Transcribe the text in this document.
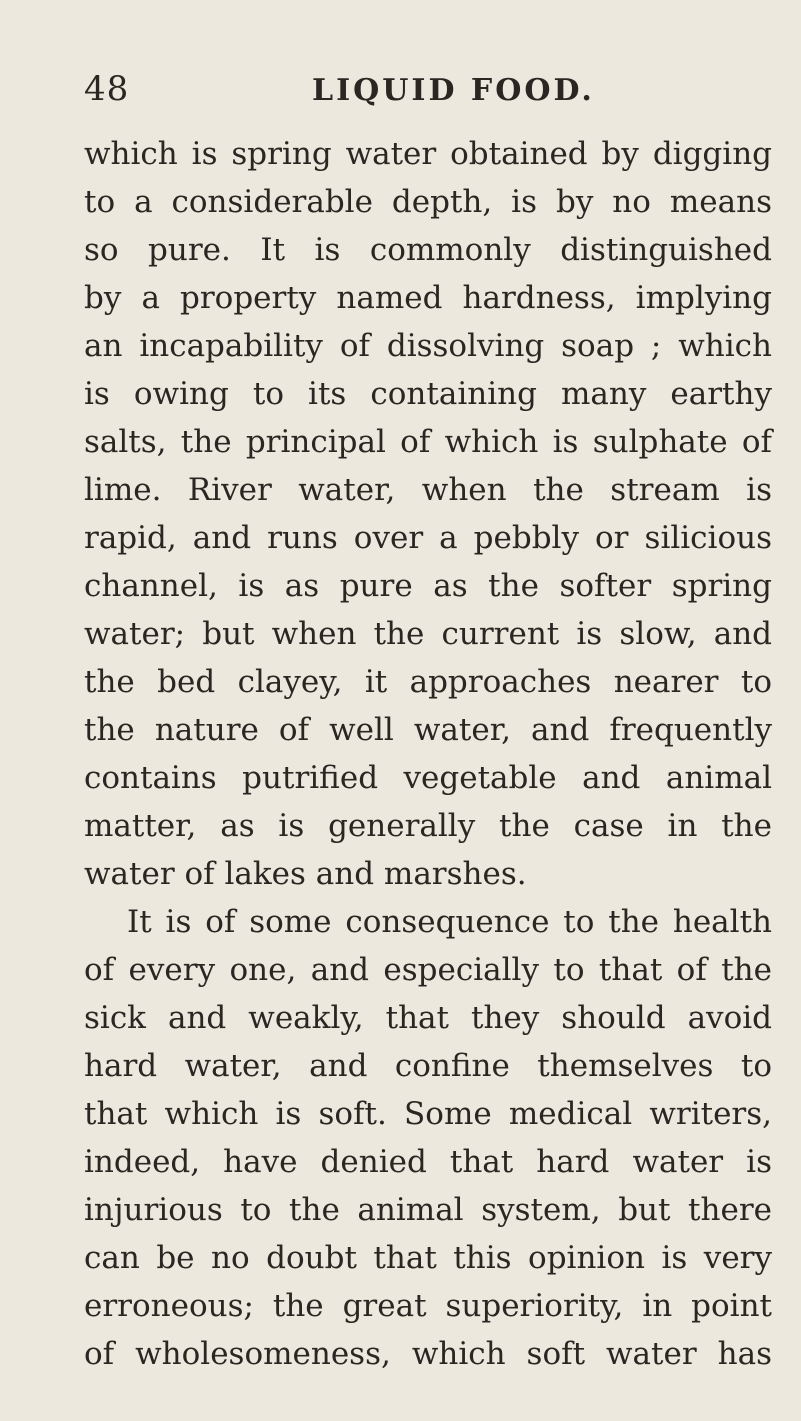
48	LIQUID FOOD.
which is spring water obtained by digging
to a considerable depth, is by no means
so pure. It is commonly distinguished
by a property named hardness, implying
an incapability of dissolving soap ; which
is owing to its containing many earthy
salts, the principal of which is sulphate of
lime. River water, when the stream is
rapid, and runs over a pebbly or silicious
channel, is as pure as the softer spring
water; but when the current is slow, and
the bed clayey, it approaches nearer to
the nature of well water, and frequently
contains putrified vegetable and animal
matter, as is generally the case in the
water of lakes and marshes.
It is of some consequence to the health
of every one, and especially to that of the
sick and weakly, that they should avoid
hard water, and confine themselves to
that which is soft. Some medical writers,
indeed, have denied that hard water is
injurious to the animal system, but there
can be no doubt that this opinion is very
erroneous; the great superiority, in point
of wholesomeness, which soft water has
